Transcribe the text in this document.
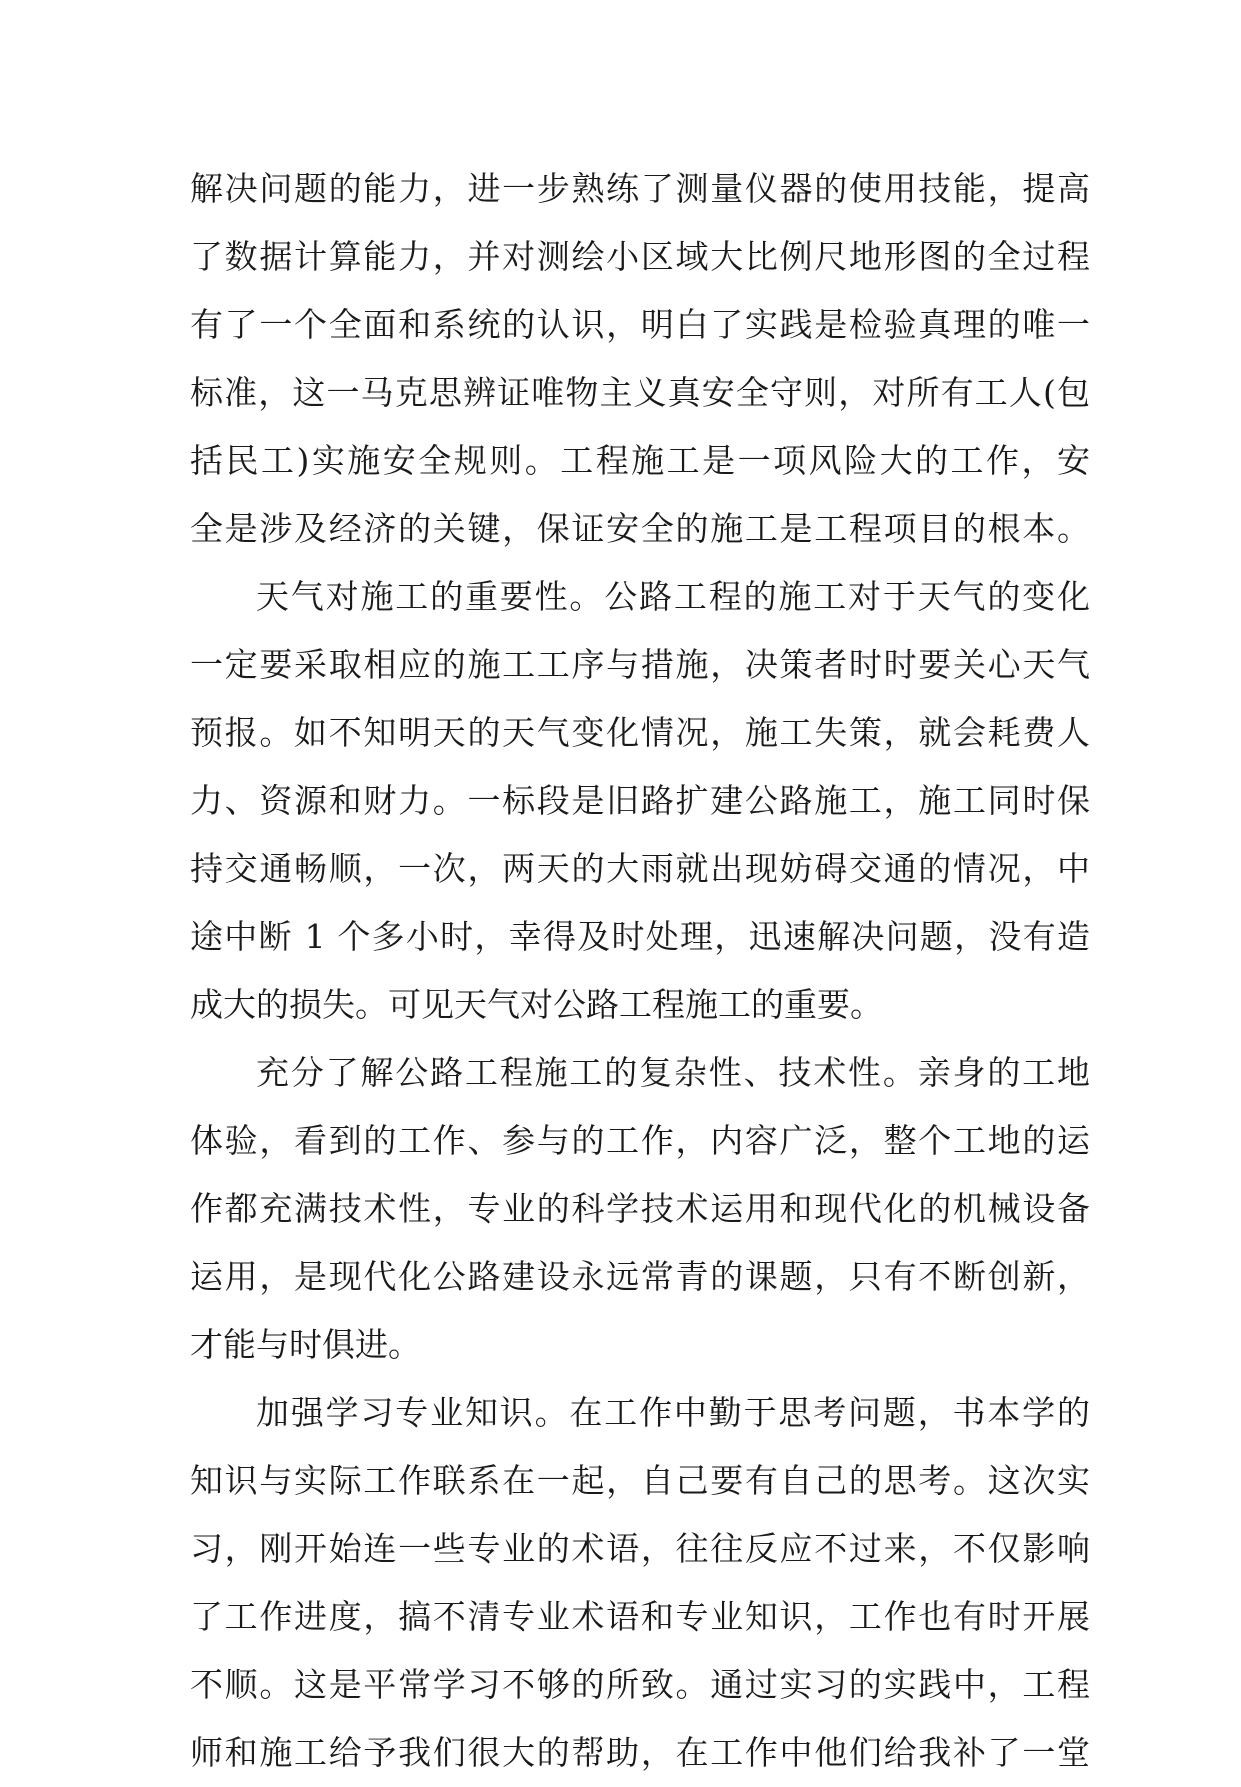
解决问题的能力，进一步熟练了测量仪器的使用技能，提高
了数据计算能力，并对测绘小区域大比例尺地形图的全过程
有了一个全面和系统的认识，明白了实践是检验真理的唯一
标准，这一马克思辨证唯物主义真安全守则，对所有工人(包
括民工)实施安全规则。工程施工是一项风险大的工作，安
全是涉及经济的关键，保证安全的施工是工程项目的根本。
天气对施工的重要性。公路工程的施工对于天气的变化
一定要采取相应的施工工序与措施，决策者时时要关心天气
预报。如不知明天的天气变化情况，施工失策，就会耗费人
力、资源和财力。一标段是旧路扩建公路施工，施工同时保
持交通畅顺，一次，两天的大雨就出现妨碍交通的情况，中
途中断 1 个多小时，幸得及时处理，迅速解决问题，没有造
成大的损失。可见天气对公路工程施工的重要。
充分了解公路工程施工的复杂性、技术性。亲身的工地
体验，看到的工作、参与的工作，内容广泛，整个工地的运
作都充满技术性，专业的科学技术运用和现代化的机械设备
运用，是现代化公路建设永远常青的课题，只有不断创新，
才能与时俱进。
加强学习专业知识。在工作中勤于思考问题，书本学的
知识与实际工作联系在一起，自己要有自己的思考。这次实
习，刚开始连一些专业的术语，往往反应不过来，不仅影响
了工作进度，搞不清专业术语和专业知识，工作也有时开展
不顺。这是平常学习不够的所致。通过实习的实践中，工程
师和施工给予我们很大的帮助，在工作中他们给我补了一堂
